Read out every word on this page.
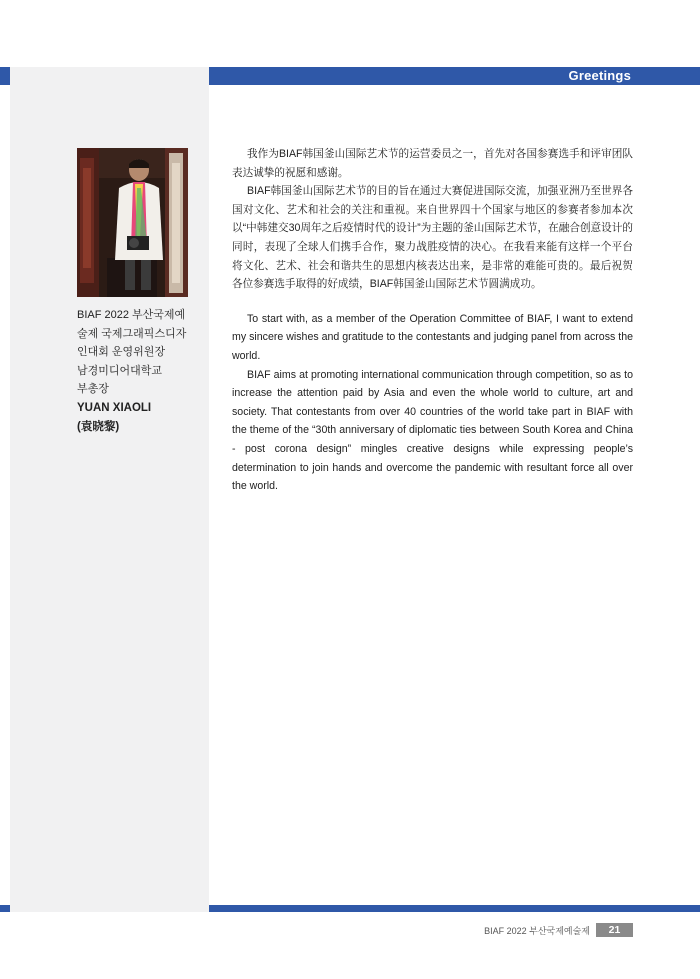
Greetings
BIAF 2022 부산국제예
술제 국제그래픽스디자
인대회 운영위원장
남경미디어대학교
부총장
YUAN XIAOLI
(袁晓黎)

我作为BIAF韩国釜山国际艺术节的运营委员之一，首先对各国参赛选手和评审团队表达诚挚的祝愿和感谢。

BIAF韩国釜山国际艺术节的目的旨在通过大赛促进国际交流，加强亚洲乃至世界各国对文化、艺术和社会的关注和重视。来自世界四十个国家与地区的参赛者参加本次以“中韩建交30周年之后疫情时代的设计”为主题的釜山国际艺术节，在融合创意设计的同时，表现了全球人们携手合作，聚力战胜疫情的决心。在我看来能有这样一个平台将文化、艺术、社会和谐共生的思想内核表达出来，是非常的难能可贵的。最后祝贺各位参赛选手取得的好成绩，BIAF韩国釜山国际艺术节圆满成功。

To start with, as a member of the Operation Committee of BIAF, I want to extend my sincere wishes and gratitude to the contestants and judging panel from across the world.

BIAF aims at promoting international communication through competition, so as to increase the attention paid by Asia and even the whole world to culture, art and society. That contestants from over 40 countries of the world take part in BIAF with the theme of the “30th anniversary of diplomatic ties between South Korea and China - post corona design” mingles creative designs while expressing people’s determination to join hands and overcome the pandemic with resultant force all over the world.

BIAF 2022 부산국제예술제	21
